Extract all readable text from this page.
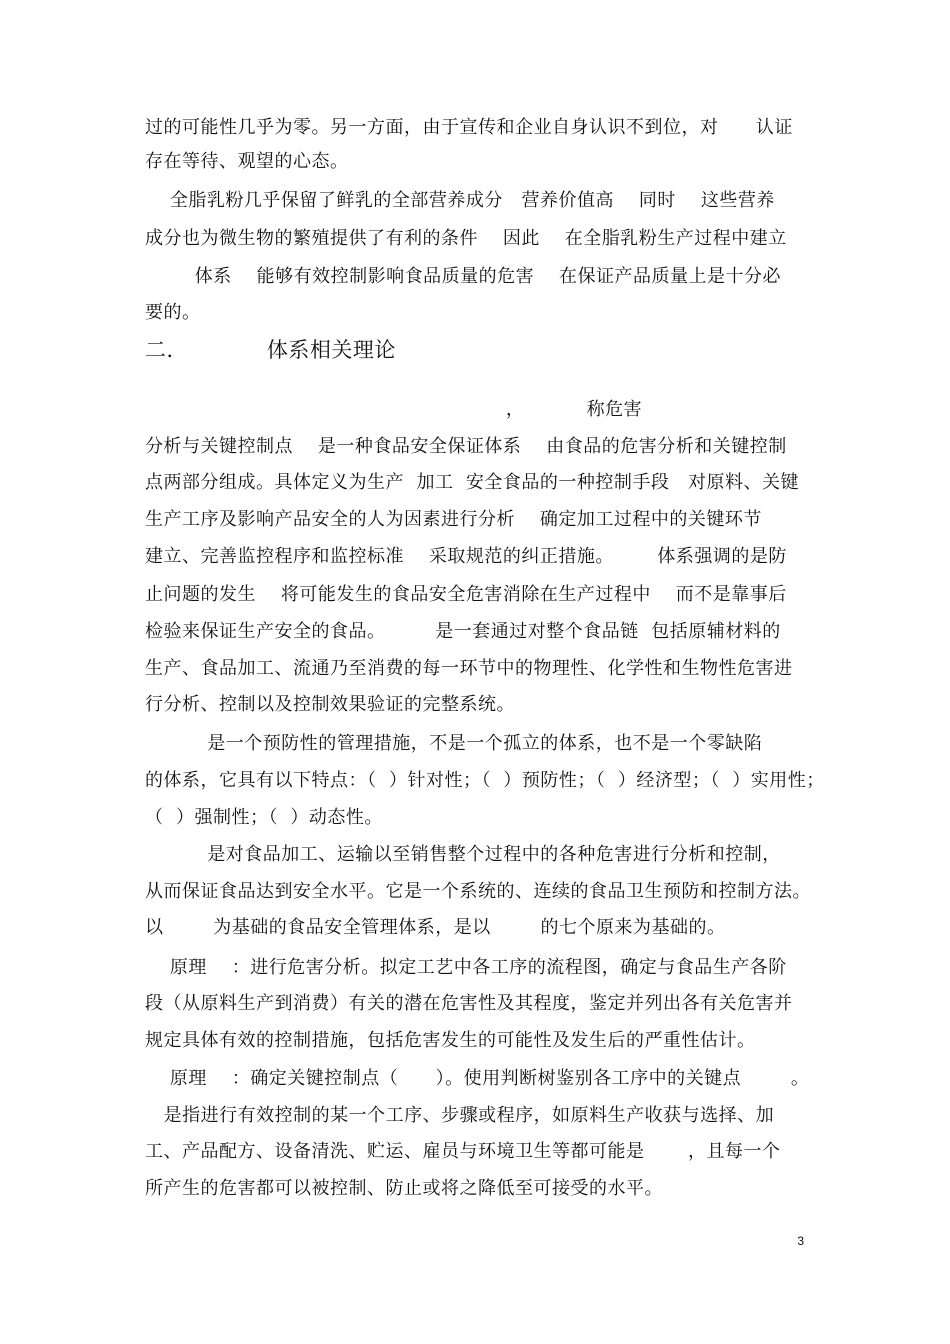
过的可能性几乎为零。另一方面，由于宣传和企业自身认识不到位，对      认证
存在等待、观望的心态。
全脂乳粉几乎保留了鲜乳的全部营养成分   营养价值高    同时    这些营养
成分也为微生物的繁殖提供了有利的条件    因此    在全脂乳粉生产过程中建立
体系    能够有效控制影响食品质量的危害    在保证产品质量上是十分必
要的。
二．           体系相关理论
，          称危害
分析与关键控制点    是一种食品安全保证体系    由食品的危害分析和关键控制
点两部分组成。具体定义为生产  加工  安全食品的一种控制手段   对原料、关键
生产工序及影响产品安全的人为因素进行分析    确定加工过程中的关键环节
建立、完善监控程序和监控标准    采取规范的纠正措施。       体系强调的是防
止问题的发生    将可能发生的食品安全危害消除在生产过程中    而不是靠事后
检验来保证生产安全的食品。        是一套通过对整个食品链  包括原辅材料的
生产、食品加工、流通乃至消费的每一环节中的物理性、化学性和生物性危害进
行分析、控制以及控制效果验证的完整系统。
是一个预防性的管理措施，不是一个孤立的体系，也不是一个零缺陷
的体系，它具有以下特点：（  ）针对性；（  ）预防性；（  ）经济型；（  ）实用性；
（  ）强制性；（  ）动态性。
是对食品加工、运输以至销售整个过程中的各种危害进行分析和控制，
从而保证食品达到安全水平。它是一个系统的、连续的食品卫生预防和控制方法。
以        为基础的食品安全管理体系，是以        的七个原来为基础的。
原理    ：进行危害分析。拟定工艺中各工序的流程图，确定与食品生产各阶
段（从原料生产到消费）有关的潜在危害性及其程度，鉴定并列出各有关危害并
规定具体有效的控制措施，包括危害发生的可能性及发生后的严重性估计。
原理    ：确定关键控制点（      ）。使用判断树鉴别各工序中的关键点        。
是指进行有效控制的某一个工序、步骤或程序，如原料生产收获与选择、加
工、产品配方、设备清洗、贮运、雇员与环境卫生等都可能是       ，且每一个
所产生的危害都可以被控制、防止或将之降低至可接受的水平。
3
